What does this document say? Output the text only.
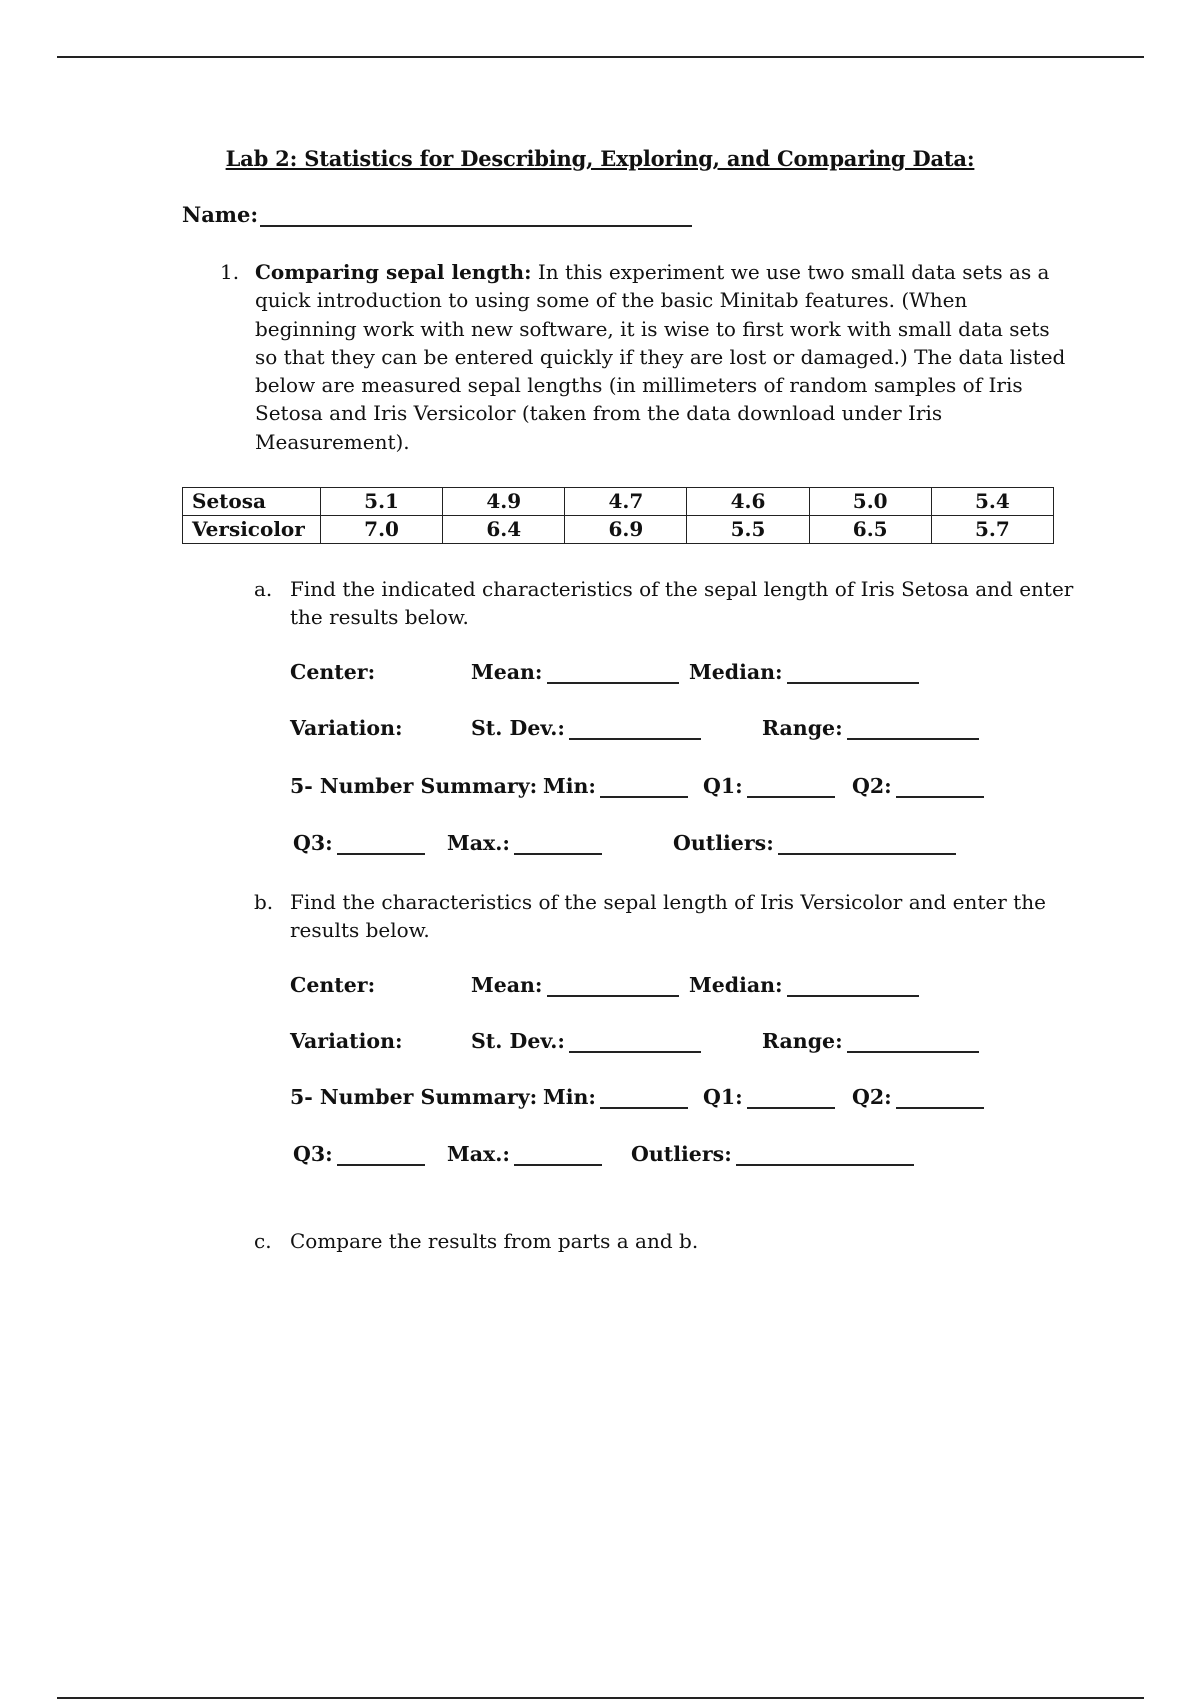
Lab 2: Statistics for Describing, Exploring, and Comparing Data:
Name:
1. Comparing sepal length: In this experiment we use two small data sets as a quick introduction to using some of the basic Minitab features. (When beginning work with new software, it is wise to first work with small data sets so that they can be entered quickly if they are lost or damaged.) The data listed below are measured sepal lengths (in millimeters of random samples of Iris Setosa and Iris Versicolor (taken from the data download under Iris Measurement).
Setosa	5.1	4.9	4.7	4.6	5.0	5.4
Versicolor	7.0	6.4	6.9	5.5	6.5	5.7
a. Find the indicated characteristics of the sepal length of Iris Setosa and enter the results below.
Center:	Mean:	Median:
Variation:	St. Dev.:	Range:
5- Number Summary: Min:	Q1:	Q2:
Q3:	Max.:	Outliers:
b. Find the characteristics of the sepal length of Iris Versicolor and enter the results below.
Center:	Mean:	Median:
Variation:	St. Dev.:	Range:
5- Number Summary: Min:	Q1:	Q2:
Q3:	Max.:	Outliers:
c. Compare the results from parts a and b.
